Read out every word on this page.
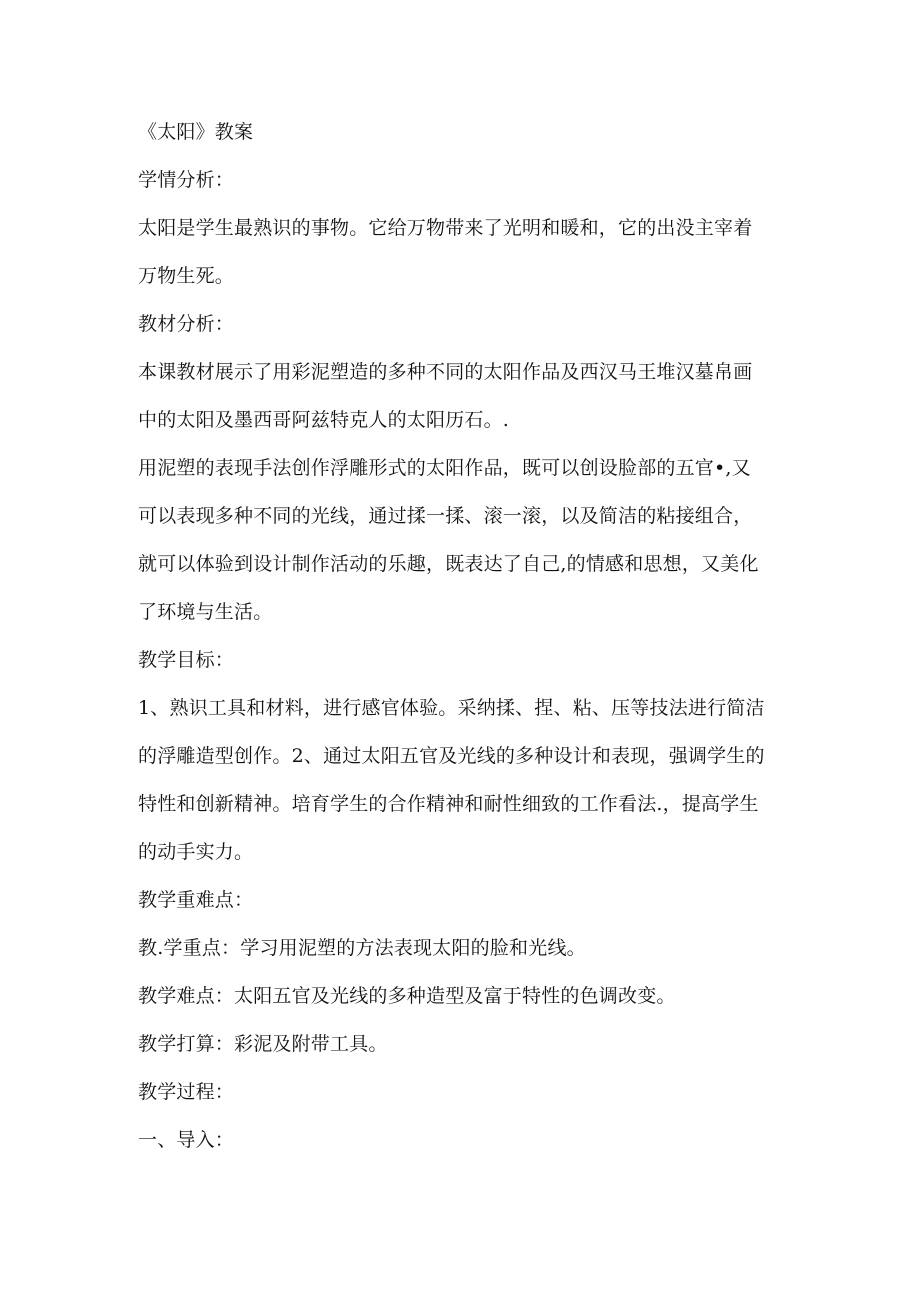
《太阳》教案
学情分析：
太阳是学生最熟识的事物。它给万物带来了光明和暖和，它的出没主宰着
万物生死。
教材分析：
本课教材展示了用彩泥塑造的多种不同的太阳作品及西汉马王堆汉墓帛画
中的太阳及墨西哥阿兹特克人的太阳历石。.
用泥塑的表现手法创作浮雕形式的太阳作品，既可以创设脸部的五官•,又
可以表现多种不同的光线，通过揉一揉、滚一滚，以及简洁的粘接组合，
就可以体验到设计制作活动的乐趣，既表达了自己,的情感和思想，又美化
了环境与生活。
教学目标：
1、熟识工具和材料，进行感官体验。采纳揉、捏、粘、压等技法进行简洁
的浮雕造型创作。2、通过太阳五官及光线的多种设计和表现，强调学生的
特性和创新精神。培育学生的合作精神和耐性细致的工作看法.，提高学生
的动手实力。
教学重难点：
教.学重点：学习用泥塑的方法表现太阳的脸和光线。
教学难点：太阳五官及光线的多种造型及富于特性的色调改变。
教学打算：彩泥及附带工具。
教学过程：
一、导入：
